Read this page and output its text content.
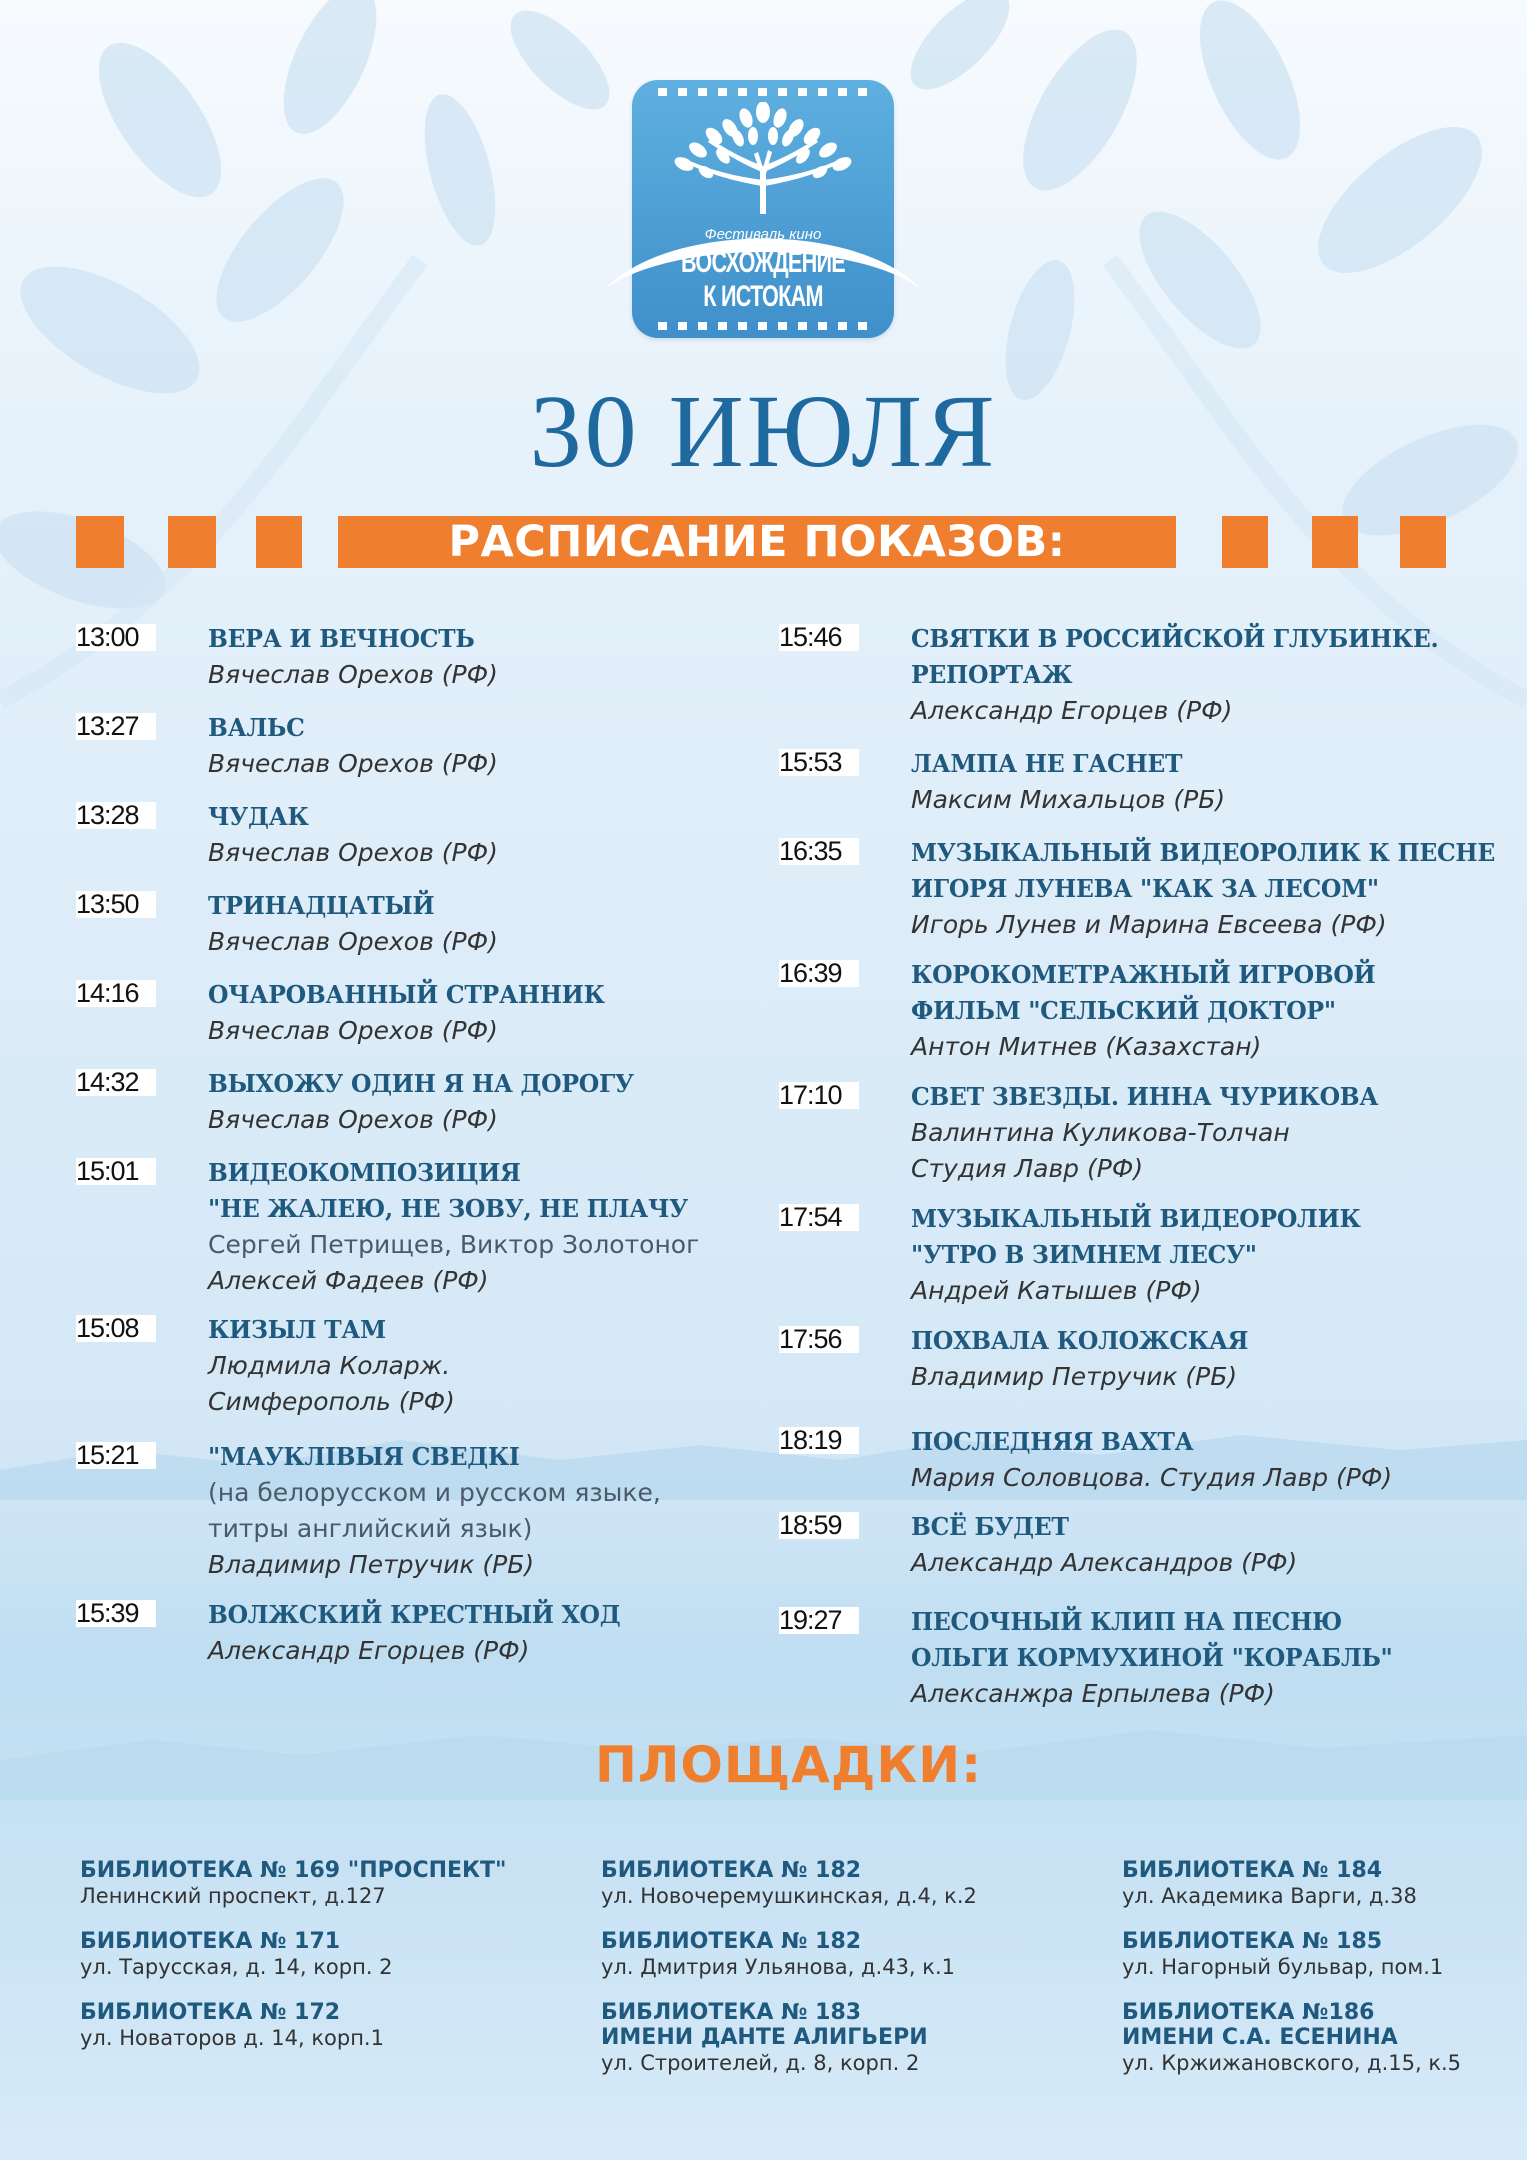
Фестиваль кино
ВОСХОЖДЕНИЕ
К ИСТОКАМ
30 ИЮЛЯ
РАСПИСАНИЕ ПОКАЗОВ:
13:00	ВЕРА И ВЕЧНОСТЬ
Вячеслав Орехов (РФ)
13:27	ВАЛЬС
Вячеслав Орехов (РФ)
13:28	ЧУДАК
Вячеслав Орехов (РФ)
13:50	ТРИНАДЦАТЫЙ
Вячеслав Орехов (РФ)
14:16	ОЧАРОВАННЫЙ СТРАННИК
Вячеслав Орехов (РФ)
14:32	ВЫХОЖУ ОДИН Я НА ДОРОГУ
Вячеслав Орехов (РФ)
15:01	ВИДЕОКОМПОЗИЦИЯ
"НЕ ЖАЛЕЮ, НЕ ЗОВУ, НЕ ПЛАЧУ
Сергей Петрищев, Виктор Золотоног
Алексей Фадеев (РФ)
15:08	КИЗЫЛ ТАМ
Людмила Коларж.
Симферополь (РФ)
15:21	"МАУКЛІВЫЯ СВЕДКІ
(на белорусском и русском языке,
титры английский язык)
Владимир Петручик (РБ)
15:39	ВОЛЖСКИЙ КРЕСТНЫЙ ХОД
Александр Егорцев (РФ)
15:46	СВЯТКИ В РОССИЙСКОЙ ГЛУБИНКЕ.
РЕПОРТАЖ
Александр Егорцев (РФ)
15:53	ЛАМПА НЕ ГАСНЕТ
Максим Михальцов (РБ)
16:35	МУЗЫКАЛЬНЫЙ ВИДЕОРОЛИК К ПЕСНЕ
ИГОРЯ ЛУНЕВА "КАК ЗА ЛЕСОМ"
Игорь Лунев и Марина Евсеева (РФ)
16:39	КОРОКОМЕТРАЖНЫЙ ИГРОВОЙ
ФИЛЬМ "СЕЛЬСКИЙ ДОКТОР"
Антон Митнев (Казахстан)
17:10	СВЕТ ЗВЕЗДЫ. ИННА ЧУРИКОВА
Валинтина Куликова-Толчан
Студия Лавр (РФ)
17:54	МУЗЫКАЛЬНЫЙ ВИДЕОРОЛИК
"УТРО В ЗИМНЕМ ЛЕСУ"
Андрей Катышев (РФ)
17:56	ПОХВАЛА КОЛОЖСКАЯ
Владимир Петручик (РБ)
18:19	ПОСЛЕДНЯЯ ВАХТА
Мария Соловцова. Студия Лавр (РФ)
18:59	ВСЁ БУДЕТ
Александр Александров (РФ)
19:27	ПЕСОЧНЫЙ КЛИП НА ПЕСНЮ
ОЛЬГИ КОРМУХИНОЙ "КОРАБЛЬ"
Алексанжра Ерпылева (РФ)
ПЛОЩАДКИ:
БИБЛИОТЕКА № 169 "ПРОСПЕКТ"
Ленинский проспект, д.127
БИБЛИОТЕКА № 171
ул. Тарусская, д. 14, корп. 2
БИБЛИОТЕКА № 172
ул. Новаторов д. 14, корп.1
БИБЛИОТЕКА № 182
ул. Новочеремушкинская, д.4, к.2
БИБЛИОТЕКА № 182
ул. Дмитрия Ульянова, д.43, к.1
БИБЛИОТЕКА № 183
ИМЕНИ ДАНТЕ АЛИГЬЕРИ
ул. Строителей, д. 8, корп. 2
БИБЛИОТЕКА № 184
ул. Академика Варги, д.38
БИБЛИОТЕКА № 185
ул. Нагорный бульвар, пом.1
БИБЛИОТЕКА №186
ИМЕНИ С.А. ЕСЕНИНА
ул. Кржижановского, д.15, к.5
